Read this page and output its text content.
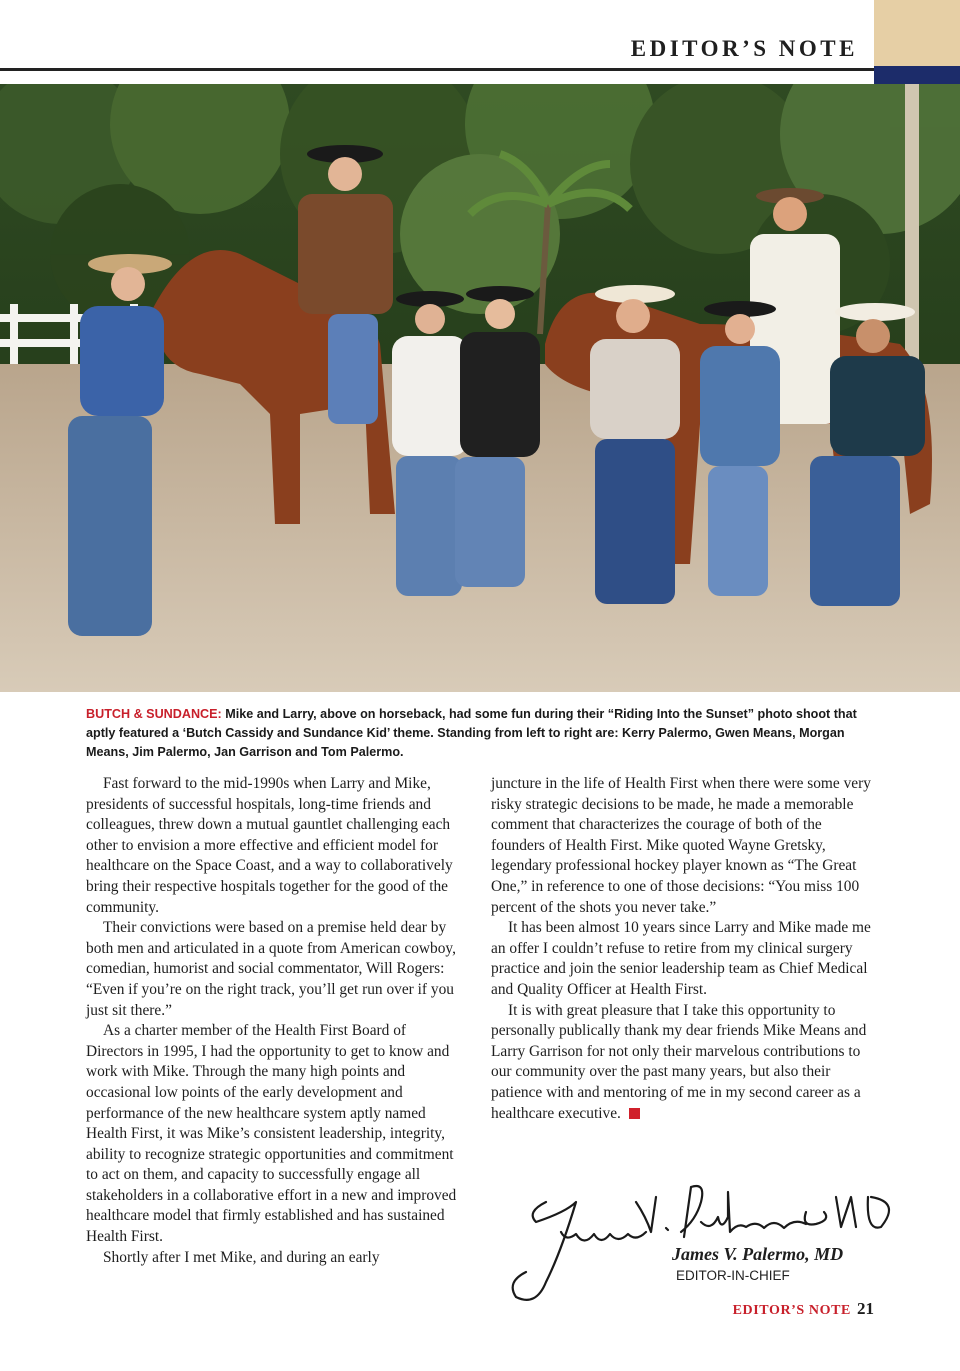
EDITOR’S NOTE
BUTCH & SUNDANCE: Mike and Larry, above on horseback, had some fun during their “Riding Into the Sunset” photo shoot that aptly featured a ‘Butch Cassidy and Sundance Kid’ theme. Standing from left to right are: Kerry Palermo, Gwen Means, Morgan Means, Jim Palermo, Jan Garrison and Tom Palermo.

Fast forward to the mid-1990s when Larry and Mike, presidents of successful hospitals, long-time friends and colleagues, threw down a mutual gauntlet challenging each other to envision a more effective and efficient model for healthcare on the Space Coast, and a way to collaboratively bring their respective hospitals together for the good of the community.

Their convictions were based on a premise held dear by both men and articulated in a quote from American cowboy, comedian, humorist and social commentator, Will Rogers: “Even if you’re on the right track, you’ll get run over if you just sit there.”

As a charter member of the Health First Board of Directors in 1995, I had the opportunity to get to know and work with Mike. Through the many high points and occasional low points of the early development and performance of the new healthcare system aptly named Health First, it was Mike’s consistent leadership, integrity, ability to recognize strategic opportunities and commitment to act on them, and capacity to successfully engage all stakeholders in a collaborative effort in a new and improved healthcare model that firmly established and has sustained Health First.

Shortly after I met Mike, and during an early

juncture in the life of Health First when there were some very risky strategic decisions to be made, he made a memorable comment that characterizes the courage of both of the founders of Health First. Mike quoted Wayne Gretsky, legendary professional hockey player known as “The Great One,” in reference to one of those decisions: “You miss 100 percent of the shots you never take.”

It has been almost 10 years since Larry and Mike made me an offer I couldn’t refuse to retire from my clinical surgery practice and join the senior leadership team as Chief Medical and Quality Officer at Health First.

It is with great pleasure that I take this opportunity to personally publically thank my dear friends Mike Means and Larry Garrison for not only their marvelous contributions to our community over the past many years, but also their patience with and mentoring of me in my second career as a healthcare executive.

James V. Palermo, MD
EDITOR-IN-CHIEF
EDITOR’S NOTE 21
